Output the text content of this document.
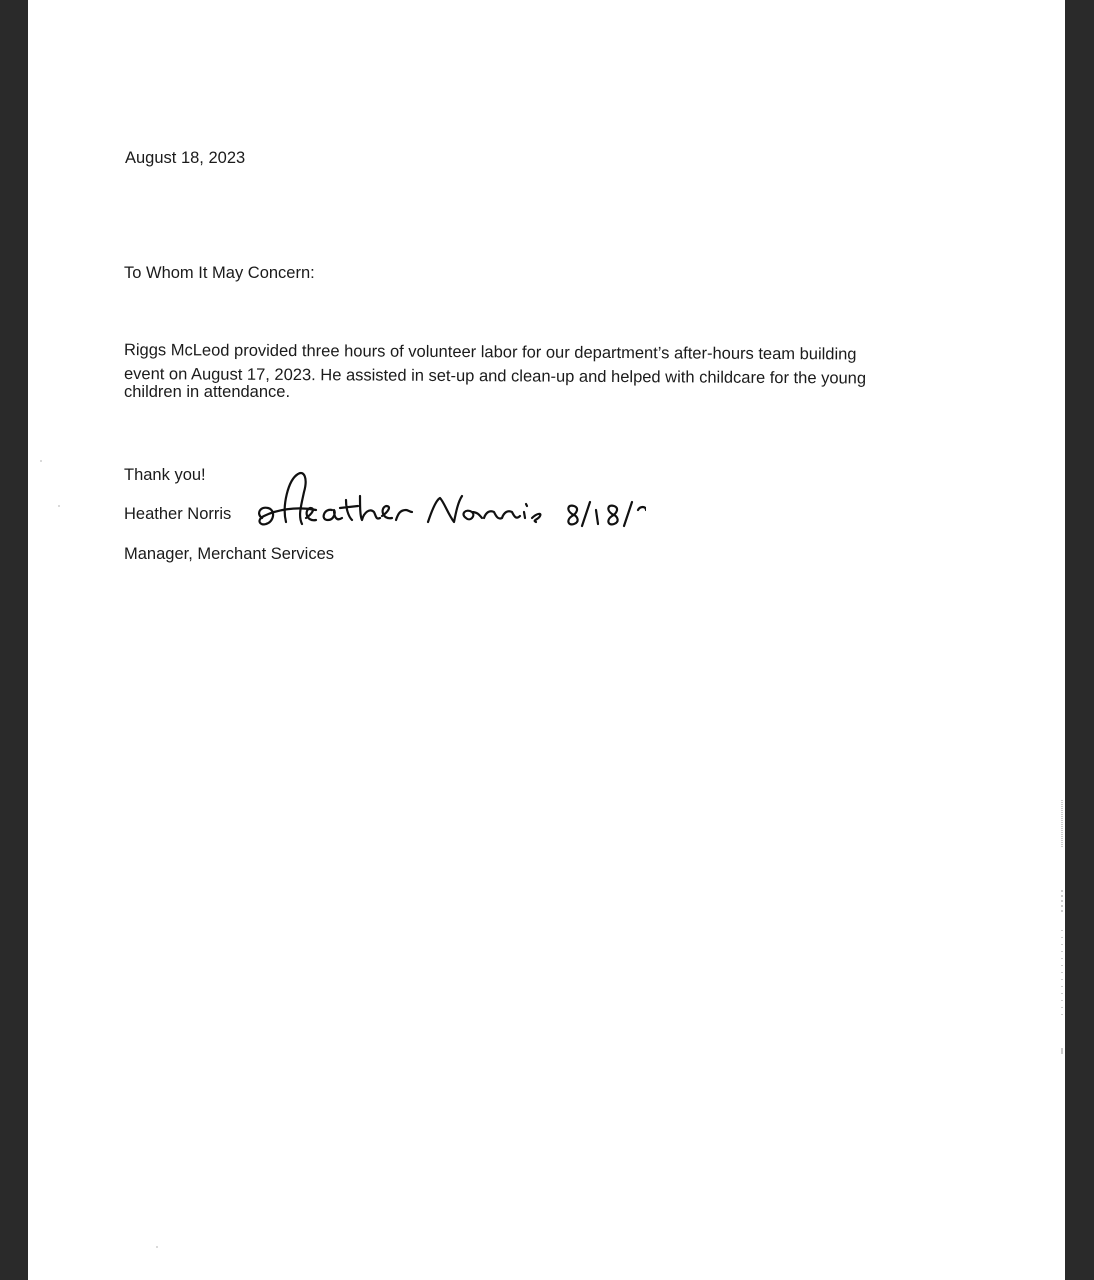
August 18, 2023
To Whom It May Concern:
Riggs McLeod provided three hours of volunteer labor for our department’s after-hours team building
event on August 17, 2023. He assisted in set-up and clean-up and helped with childcare for the young
children in attendance.
Thank you!
Heather Norris
Manager, Merchant Services
